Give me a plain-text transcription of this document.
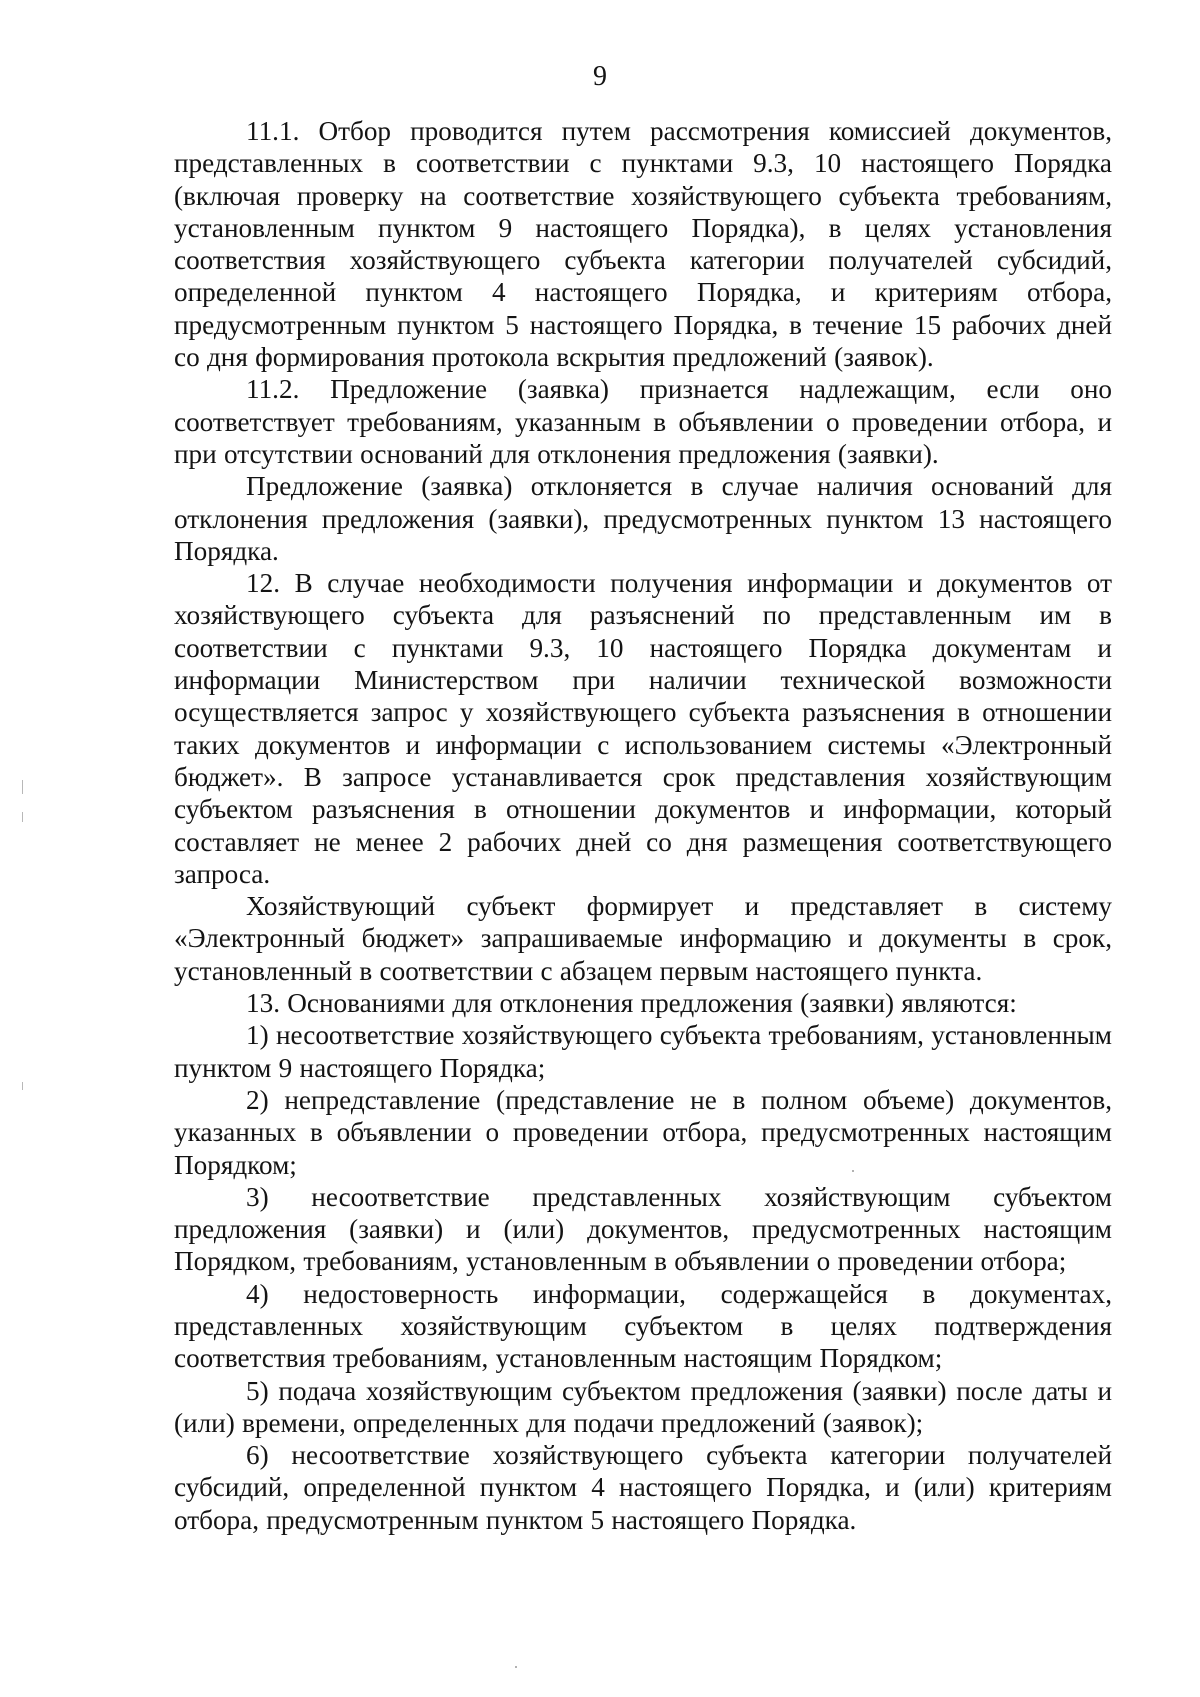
9

11.1. Отбор проводится путем рассмотрения комиссией документов, представленных в соответствии с пунктами 9.3, 10 настоящего Порядка (включая проверку на соответствие хозяйствующего субъекта требованиям, установленным пунктом 9 настоящего Порядка), в целях установления соответствия хозяйствующего субъекта категории получателей субсидий, определенной пунктом 4 настоящего Порядка, и критериям отбора, предусмотренным пунктом 5 настоящего Порядка, в течение 15 рабочих дней со дня формирования протокола вскрытия предложений (заявок).

11.2. Предложение (заявка) признается надлежащим, если оно соответствует требованиям, указанным в объявлении о проведении отбора, и при отсутствии оснований для отклонения предложения (заявки).

Предложение (заявка) отклоняется в случае наличия оснований для отклонения предложения (заявки), предусмотренных пунктом 13 настоящего Порядка.

12. В случае необходимости получения информации и документов от хозяйствующего субъекта для разъяснений по представленным им в соответствии с пунктами 9.3, 10 настоящего Порядка документам и информации Министерством при наличии технической возможности осуществляется запрос у хозяйствующего субъекта разъяснения в отношении таких документов и информации с использованием системы «Электронный бюджет». В запросе устанавливается срок представления хозяйствующим субъектом разъяснения в отношении документов и информации, который составляет не менее 2 рабочих дней со дня размещения соответствующего запроса.

Хозяйствующий субъект формирует и представляет в систему «Электронный бюджет» запрашиваемые информацию и документы в срок, установленный в соответствии с абзацем первым настоящего пункта.

13. Основаниями для отклонения предложения (заявки) являются:

1) несоответствие хозяйствующего субъекта требованиям, установленным пунктом 9 настоящего Порядка;

2) непредставление (представление не в полном объеме) документов, указанных в объявлении о проведении отбора, предусмотренных настоящим Порядком;

3) несоответствие представленных хозяйствующим субъектом предложения (заявки) и (или) документов, предусмотренных настоящим Порядком, требованиям, установленным в объявлении о проведении отбора;

4) недостоверность информации, содержащейся в документах, представленных хозяйствующим субъектом в целях подтверждения соответствия требованиям, установленным настоящим Порядком;

5) подача хозяйствующим субъектом предложения (заявки) после даты и (или) времени, определенных для подачи предложений (заявок);

6) несоответствие хозяйствующего субъекта категории получателей субсидий, определенной пунктом 4 настоящего Порядка, и (или) критериям отбора, предусмотренным пунктом 5 настоящего Порядка.
